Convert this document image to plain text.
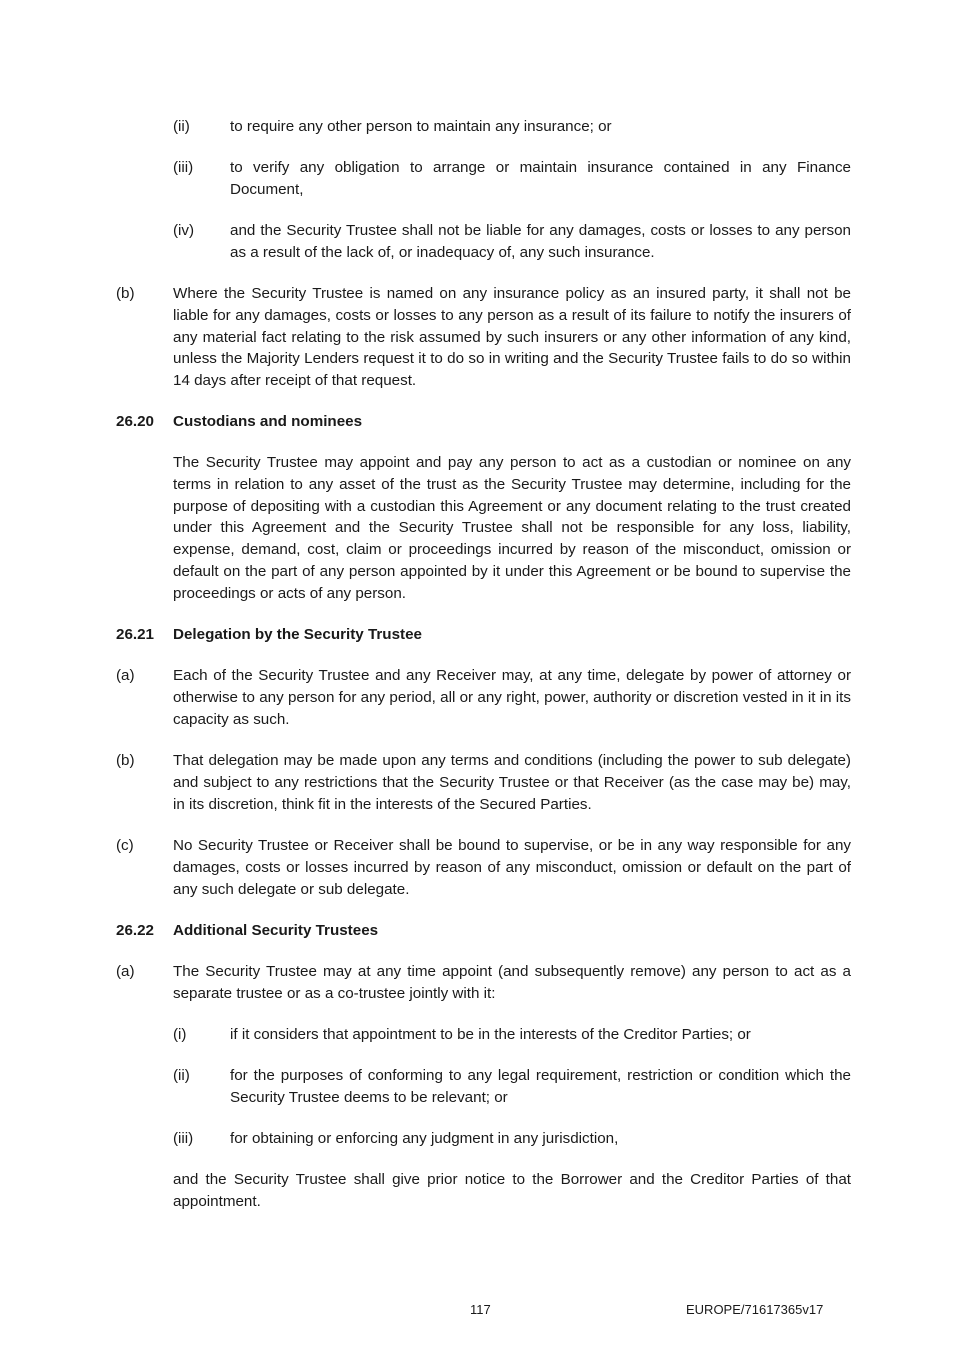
(ii)	to require any other person to maintain any insurance; or
(iii) to verify any obligation to arrange or maintain insurance contained in any Finance Document,
(iv) and the Security Trustee shall not be liable for any damages, costs or losses to any person as a result of the lack of, or inadequacy of, any such insurance.
(b)	Where the Security Trustee is named on any insurance policy as an insured party, it shall not be liable for any damages, costs or losses to any person as a result of its failure to notify the insurers of any material fact relating to the risk assumed by such insurers or any other information of any kind, unless the Majority Lenders request it to do so in writing and the Security Trustee fails to do so within 14 days after receipt of that request.
26.20 Custodians and nominees
The Security Trustee may appoint and pay any person to act as a custodian or nominee on any terms in relation to any asset of the trust as the Security Trustee may determine, including for the purpose of depositing with a custodian this Agreement or any document relating to the trust created under this Agreement and the Security Trustee shall not be responsible for any loss, liability, expense, demand, cost, claim or proceedings incurred by reason of the misconduct, omission or default on the part of any person appointed by it under this Agreement or be bound to supervise the proceedings or acts of any person.
26.21 Delegation by the Security Trustee
(a)	Each of the Security Trustee and any Receiver may, at any time, delegate by power of attorney or otherwise to any person for any period, all or any right, power, authority or discretion vested in it in its capacity as such.
(b)	That delegation may be made upon any terms and conditions (including the power to sub delegate) and subject to any restrictions that the Security Trustee or that Receiver (as the case may be) may, in its discretion, think fit in the interests of the Secured Parties.
(c)	No Security Trustee or Receiver shall be bound to supervise, or be in any way responsible for any damages, costs or losses incurred by reason of any misconduct, omission or default on the part of any such delegate or sub delegate.
26.22 Additional Security Trustees
(a)	The Security Trustee may at any time appoint (and subsequently remove) any person to act as a separate trustee or as a co-trustee jointly with it:
(i)	if it considers that appointment to be in the interests of the Creditor Parties; or
(ii)	for the purposes of conforming to any legal requirement, restriction or condition which the Security Trustee deems to be relevant; or
(iii) for obtaining or enforcing any judgment in any jurisdiction,
and the Security Trustee shall give prior notice to the Borrower and the Creditor Parties of that appointment.
117	EUROPE/71617365v17
